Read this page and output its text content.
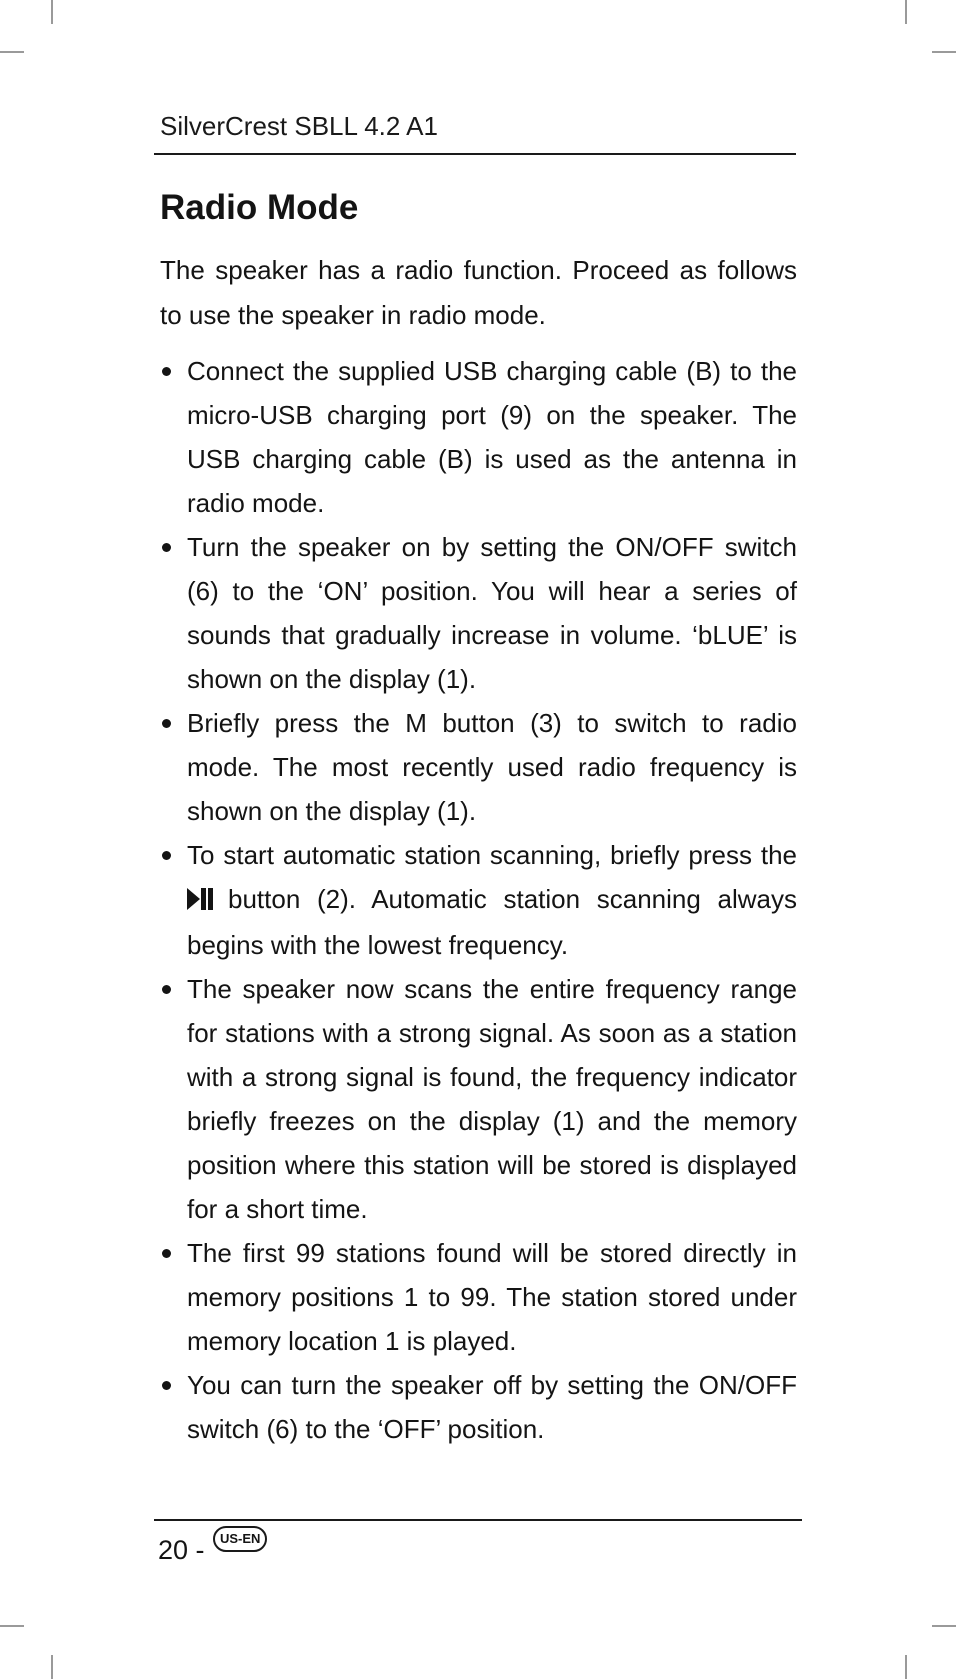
SilverCrest SBLL 4.2 A1
Radio Mode

The speaker has a radio function. Proceed as follows to use the speaker in radio mode.

Connect the supplied USB charging cable (B) to the micro-USB charging port (9) on the speaker. The USB charging cable (B) is used as the antenna in radio mode.
Turn the speaker on by setting the ON/OFF switch (6) to the ‘ON’ position. You will hear a series of sounds that gradually increase in volume. ‘bLUE’ is shown on the display (1).
Briefly press the M button (3) to switch to radio mode. The most recently used radio frequency is shown on the display (1).
To start automatic station scanning, briefly press the button (2). Automatic station scanning always begins with the lowest frequency.
The speaker now scans the entire frequency range for stations with a strong signal. As soon as a station with a strong signal is found, the frequency indicator briefly freezes on the display (1) and the memory position where this station will be stored is displayed for a short time.
The first 99 stations found will be stored directly in memory positions 1 to 99. The station stored under memory location 1 is played.
You can turn the speaker off by setting the ON/OFF switch (6) to the ‘OFF’ position.
20 -	US-EN
